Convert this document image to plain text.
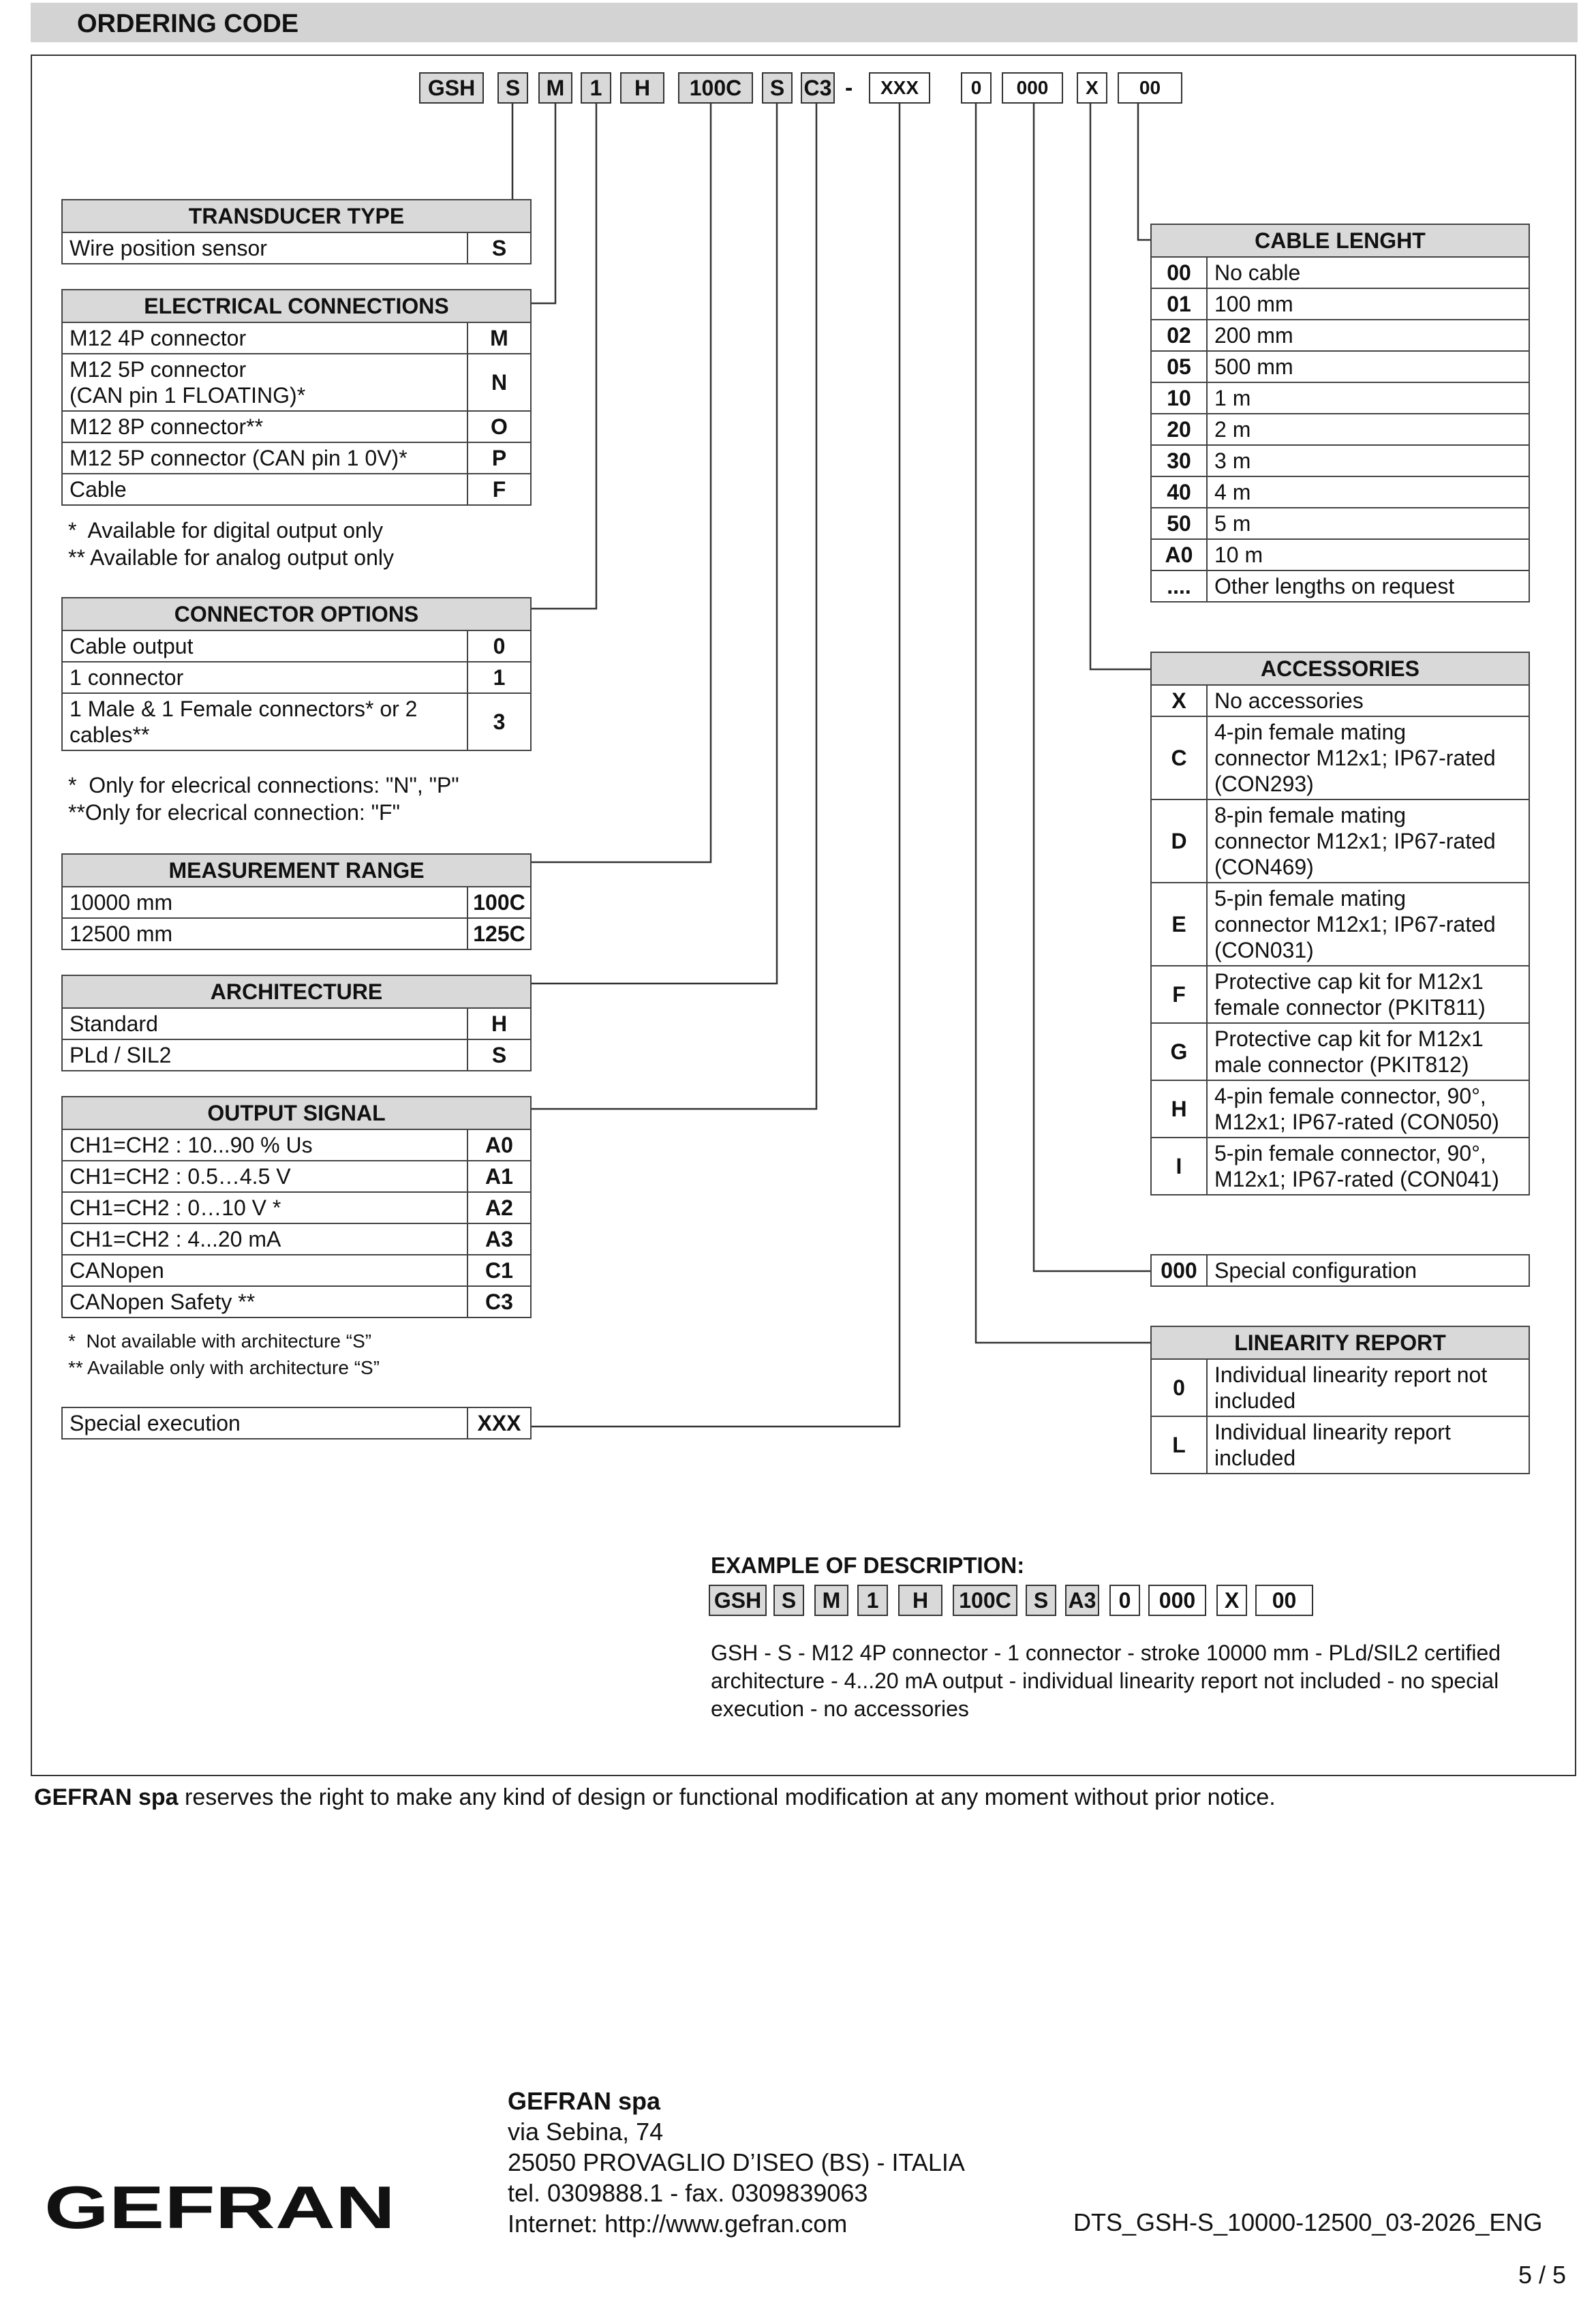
ORDERING CODE
GSH	S	M	1	H	100C	S C3 -	XXX	0	000	X	00
TRANSDUCER TYPE
Wire position sensor	S
ELECTRICAL CONNECTIONS	
M12 4P connector	M
M12 5P connector
(CAN pin 1 FLOATING)*	N
M12 8P connector**	O
M12 5P connector (CAN pin 1 0V)*	P
Cable	F
*  Available for digital output only
** Available for analog output only
CONNECTOR OPTIONS	
Cable output	0
1 connector	1
1 Male & 1 Female connectors* or 2
cables**	3
*  Only for elecrical connections: "N", "P"
**Only for elecrical connection: "F"
MEASUREMENT RANGE	
10000 mm	100C
12500 mm	125C
ARCHITECTURE	
Standard	H
PLd / SIL2	S
OUTPUT SIGNAL	
CH1=CH2 : 10...90 % Us	A0
CH1=CH2 : 0.5…4.5 V	A1
CH1=CH2 : 0…10 V *	A2
CH1=CH2 : 4...20 mA	A3
CANopen	C1
CANopen Safety **	C3
*  Not available with architecture “S”
** Available only with architecture “S”
Special execution	XXX
CABLE LENGHT	
00	No cable
01	100 mm
02	200 mm
05	500 mm
10	1 m
20	2 m
30	3 m
40	4 m
50	5 m
A0	10 m
....	Other lengths on request
ACCESSORIES	
X	No accessories
C	4-pin female mating
connector M12x1; IP67-rated
(CON293)
D	8-pin female mating
connector M12x1; IP67-rated
(CON469)
E	5-pin female mating
connector M12x1; IP67-rated
(CON031)
F	Protective cap kit for M12x1
female connector (PKIT811)
G	Protective cap kit for M12x1
male connector (PKIT812)
H	4-pin female connector, 90°,
M12x1; IP67-rated (CON050)
I	5-pin female connector, 90°,
M12x1; IP67-rated (CON041)
000	Special configuration
LINEARITY REPORT	
0	Individual linearity report not
included
L	Individual linearity report
included
EXAMPLE OF DESCRIPTION:
GSH S	M	1	H	100C	S A3	0	000	X	00
GSH - S - M12 4P connector - 1 connector - stroke 10000 mm - PLd/SIL2 certified architecture - 4...20 mA output - individual linearity report not included - no special execution - no accessories
GEFRAN spa reserves the right to make any kind of design or functional modification at any moment without prior notice.
GEFRAN
GEFRAN spa
via Sebina, 74
25050 PROVAGLIO D’ISEO (BS) - ITALIA
tel. 0309888.1 - fax. 0309839063
Internet: http://www.gefran.com	DTS_GSH-S_10000-12500_03-2026_ENG
5 / 5
